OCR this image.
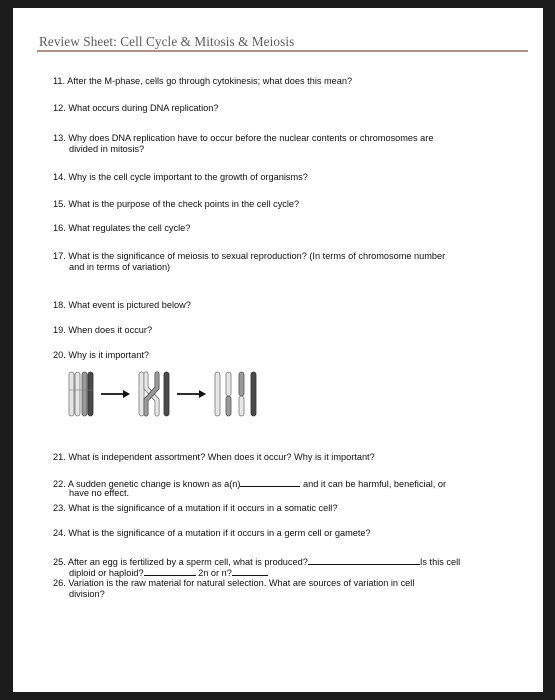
Review Sheet: Cell Cycle & Mitosis & Meiosis
11. After the M-phase, cells go through cytokinesis; what does this mean?
12. What occurs during DNA replication?
13. Why does DNA replication have to occur before the nuclear contents or chromosomes are
divided in mitosis?
14. Why is the cell cycle important to the growth of organisms?
15. What is the purpose of the check points in the cell cycle?
16. What regulates the cell cycle?
17. What is the significance of meiosis to sexual reproduction? (In terms of chromosome number
and in terms of variation)
18. What event is pictured below?
19. When does it occur?
20. Why is it important?
21. What is independent assortment? When does it occur? Why is it important?
22. A sudden genetic change is known as a(n)	and it can be harmful, beneficial, or
have no effect.
23. What is the significance of a mutation if it occurs in a somatic cell?
24. What is the significance of a mutation if it occurs in a germ cell or gamete?
25. After an egg is fertilized by a sperm cell, what is produced?	Is this cell
diploid or haploid?	2n or n?
26. Variation is the raw material for natural selection. What are sources of variation in cell
division?
